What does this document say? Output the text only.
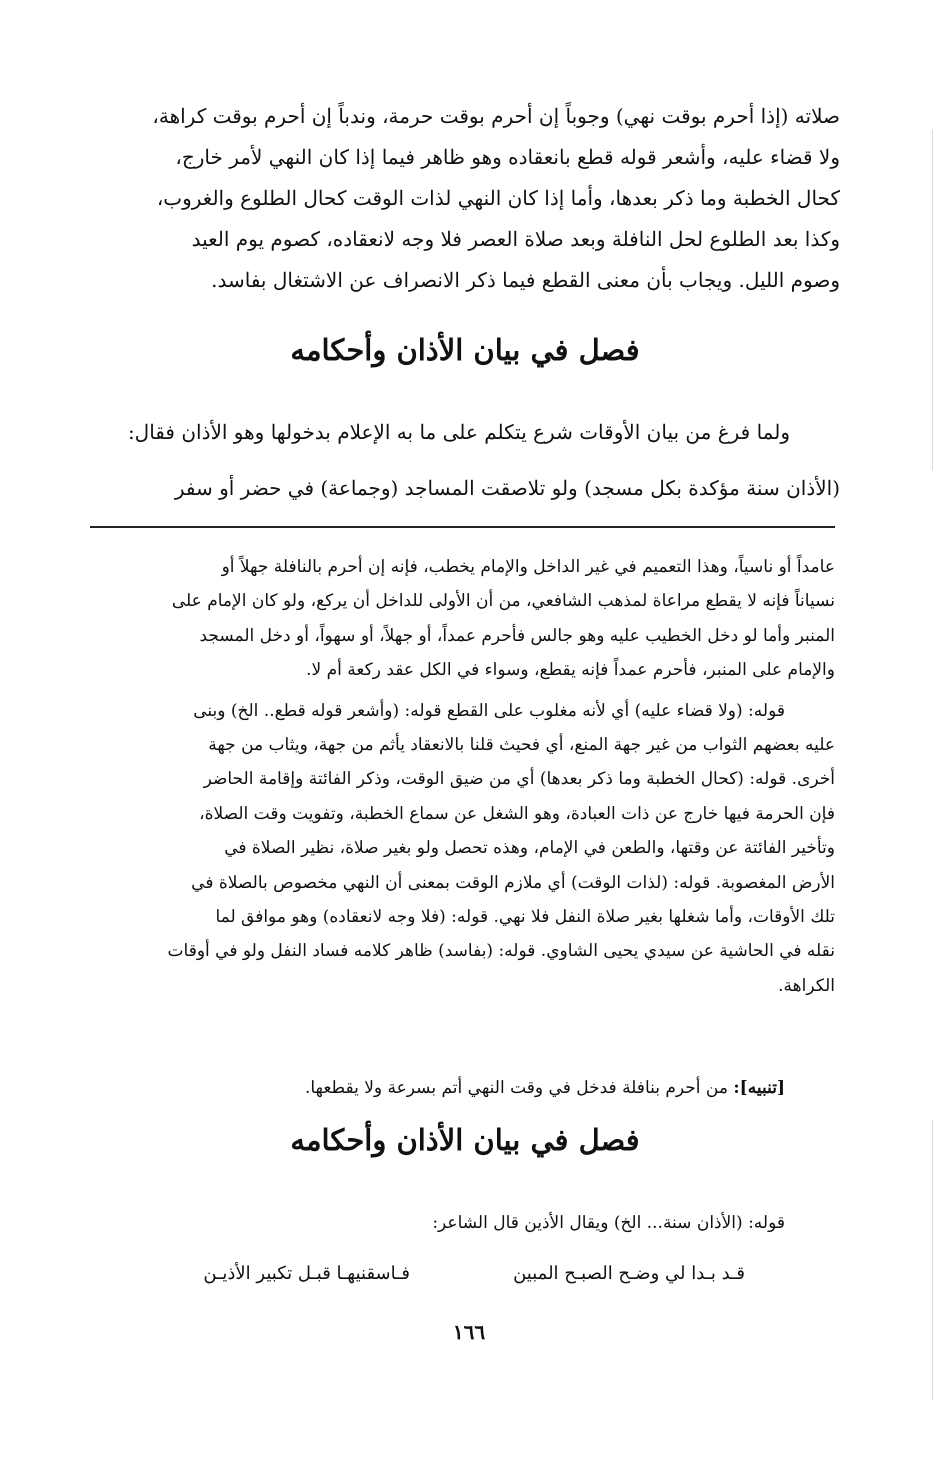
صلاته (إذا أحرم بوقت نهي) وجوباً إن أحرم بوقت حرمة، وندباً إن أحرم بوقت كراهة،

ولا قضاء عليه، وأشعر قوله قطع بانعقاده وهو ظاهر فيما إذا كان النهي لأمر خارج،

كحال الخطبة وما ذكر بعدها، وأما إذا كان النهي لذات الوقت كحال الطلوع والغروب،

وكذا بعد الطلوع لحل النافلة وبعد صلاة العصر فلا وجه لانعقاده، كصوم يوم العيد

وصوم الليل. ويجاب بأن معنى القطع فيما ذكر الانصراف عن الاشتغال بفاسد.

فصل في بيان الأذان وأحكامه

ولما فرغ من بيان الأوقات شرع يتكلم على ما به الإعلام بدخولها وهو الأذان فقال:

(الأذان سنة مؤكدة بكل مسجد) ولو تلاصقت المساجد (وجماعة) في حضر أو سفر

عامداً أو ناسياً، وهذا التعميم في غير الداخل والإمام يخطب، فإنه إن أحرم بالنافلة جهلاً أو

نسياناً فإنه لا يقطع مراعاة لمذهب الشافعي، من أن الأولى للداخل أن يركع، ولو كان الإمام على

المنبر وأما لو دخل الخطيب عليه وهو جالس فأحرم عمداً، أو جهلاً، أو سهواً، أو دخل المسجد

والإمام على المنبر، فأحرم عمداً فإنه يقطع، وسواء في الكل عقد ركعة أم لا.

قوله: (ولا قضاء عليه) أي لأنه مغلوب على القطع قوله: (وأشعر قوله قطع.. الخ) وبنى

عليه بعضهم الثواب من غير جهة المنع، أي فحيث قلنا بالانعقاد يأثم من جهة، ويثاب من جهة

أخرى. قوله: (كحال الخطبة وما ذكر بعدها) أي من ضيق الوقت، وذكر الفائتة وإقامة الحاضر

فإن الحرمة فيها خارج عن ذات العبادة، وهو الشغل عن سماع الخطبة، وتفويت وقت الصلاة،

وتأخير الفائتة عن وقتها، والطعن في الإمام، وهذه تحصل ولو بغير صلاة، نظير الصلاة في

الأرض المغصوبة. قوله: (لذات الوقت) أي ملازم الوقت بمعنى أن النهي مخصوص بالصلاة في

تلك الأوقات، وأما شغلها بغير صلاة النفل فلا نهي. قوله: (فلا وجه لانعقاده) وهو موافق لما

نقله في الحاشية عن سيدي يحيى الشاوي. قوله: (بفاسد) ظاهر كلامه فساد النفل ولو في أوقات

الكراهة.

[تنبيه]: من أحرم بنافلة فدخل في وقت النهي أتم بسرعة ولا يقطعها.
فصل في بيان الأذان وأحكامه
قوله: (الأذان سنة... الخ) ويقال الأذين قال الشاعر:
قـد بـدا لي وضـح الصبـح المبين
فـاسقنيهـا قبـل تكبير الأذيـن
١٦٦
